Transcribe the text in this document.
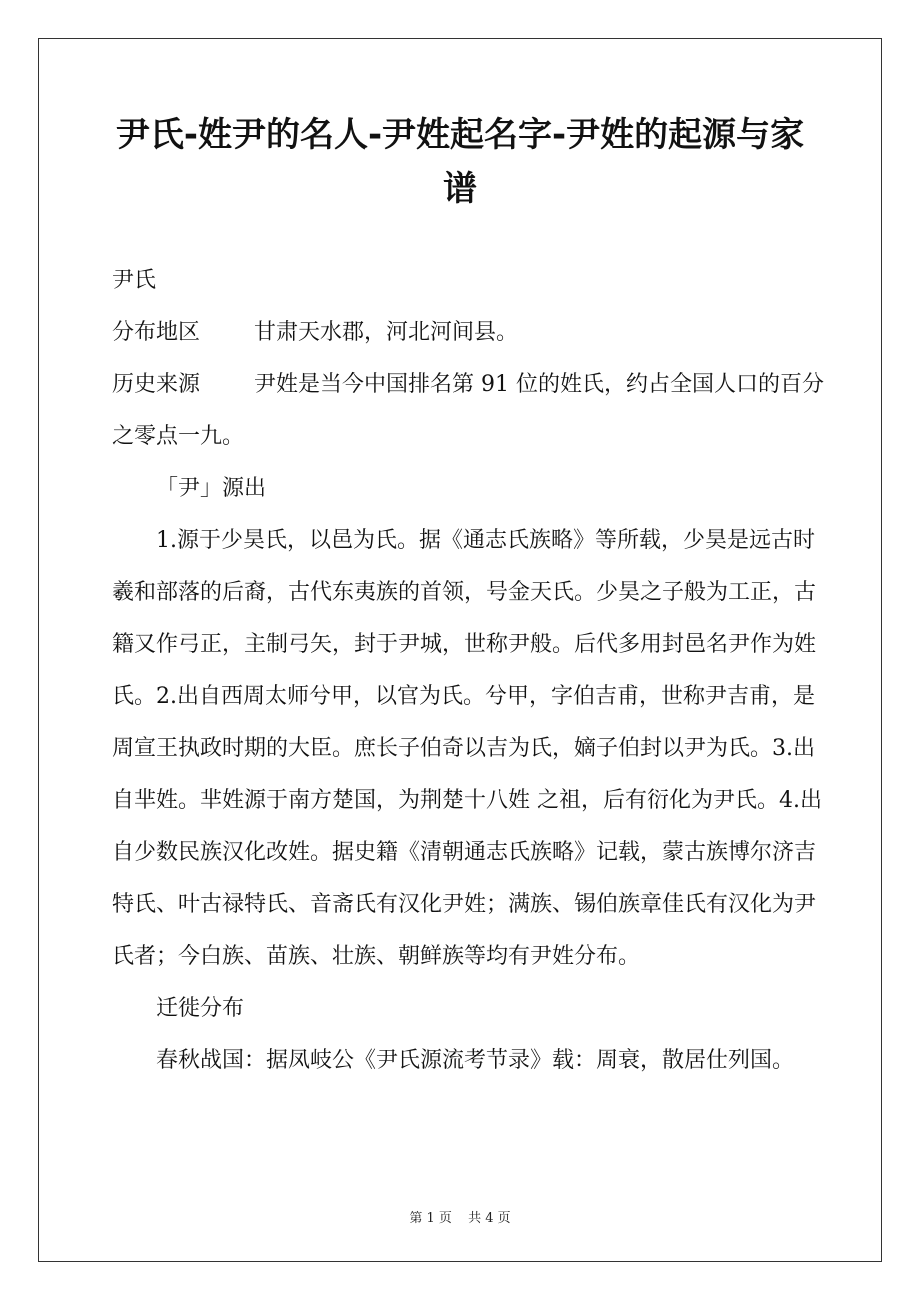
尹氏-姓尹的名人-尹姓起名字-尹姓的起源与家谱

尹氏

分布地区 甘肃天水郡，河北河间县。

历史来源 尹姓是当今中国排名第 91 位的姓氏，约占全国人口的百分之零点一九。

「尹」源出

1.源于少昊氏，以邑为氏。据《通志氏族略》等所载，少昊是远古时羲和部落的后裔，古代东夷族的首领，号金天氏。少昊之子般为工正，古籍又作弓正，主制弓矢，封于尹城，世称尹般。后代多用封邑名尹作为姓氏。2.出自西周太师兮甲，以官为氏。兮甲，字伯吉甫，世称尹吉甫，是周宣王执政时期的大臣。庶长子伯奇以吉为氏，嫡子伯封以尹为氏。3.出自芈姓。芈姓源于南方楚国，为荆楚十八姓 之祖，后有衍化为尹氏。4.出自少数民族汉化改姓。据史籍《清朝通志氏族略》记载，蒙古族博尔济吉特氏、叶古禄特氏、音斋氏有汉化尹姓；满族、锡伯族章佳氏有汉化为尹氏者；今白族、苗族、壮族、朝鲜族等均有尹姓分布。

迁徙分布

春秋战国：据凤岐公《尹氏源流考节录》载：周衰，散居仕列国。

第 1 页 共 4 页
